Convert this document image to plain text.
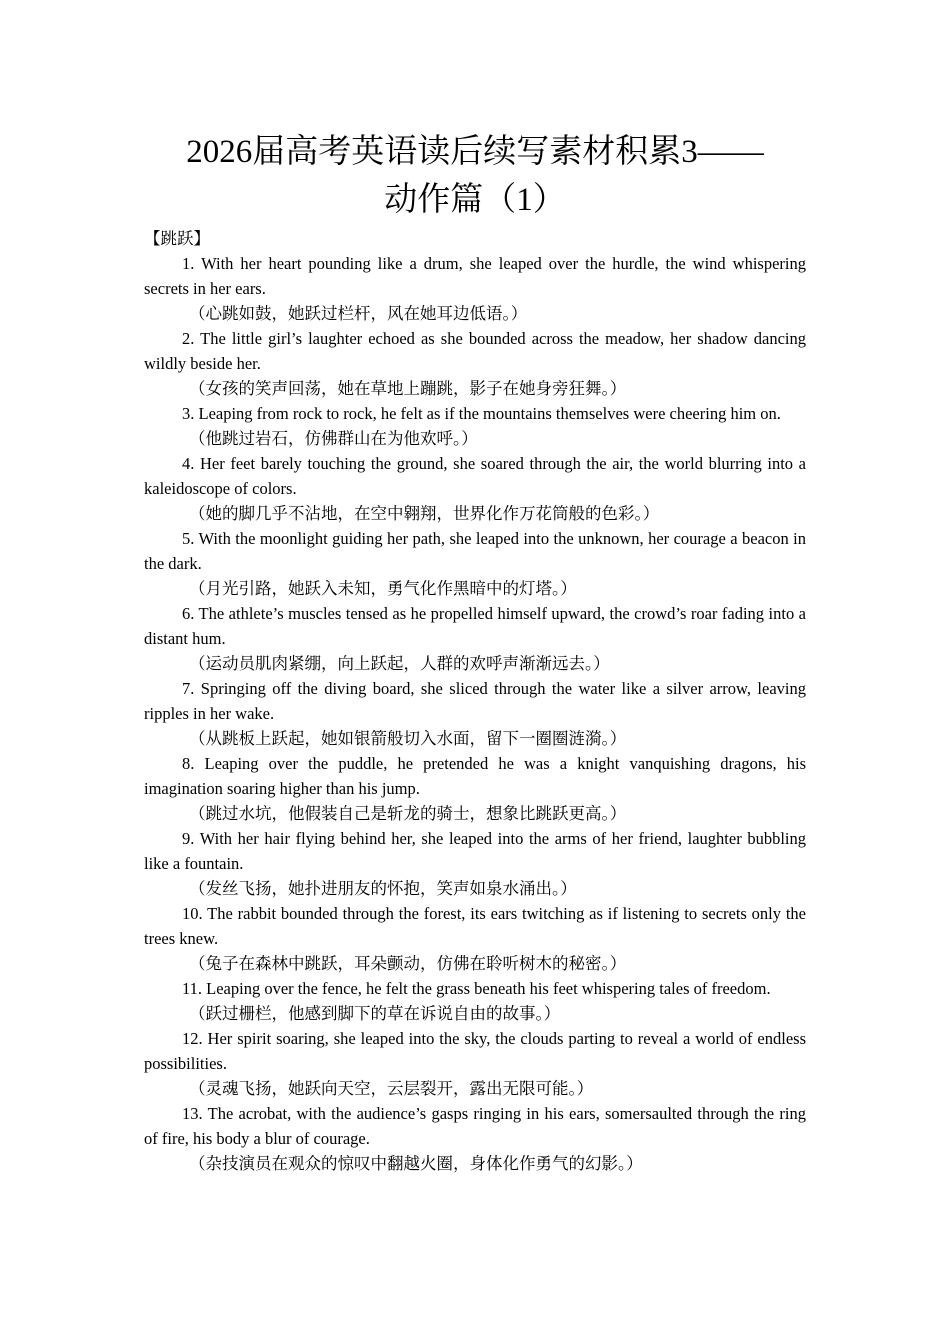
2026届高考英语读后续写素材积累3——
动作篇（1）

【跳跃】

1. With her heart pounding like a drum, she leaped over the hurdle, the wind whispering secrets in her ears.

（心跳如鼓，她跃过栏杆，风在她耳边低语。）

2. The little girl’s laughter echoed as she bounded across the meadow, her shadow dancing wildly beside her.

（女孩的笑声回荡，她在草地上蹦跳，影子在她身旁狂舞。）

3. Leaping from rock to rock, he felt as if the mountains themselves were cheering him on.

（他跳过岩石，仿佛群山在为他欢呼。）

4. Her feet barely touching the ground, she soared through the air, the world blurring into a kaleidoscope of colors.

（她的脚几乎不沾地，在空中翱翔，世界化作万花筒般的色彩。）

5. With the moonlight guiding her path, she leaped into the unknown, her courage a beacon in the dark.

（月光引路，她跃入未知，勇气化作黑暗中的灯塔。）

6. The athlete’s muscles tensed as he propelled himself upward, the crowd’s roar fading into a distant hum.

（运动员肌肉紧绷，向上跃起，人群的欢呼声渐渐远去。）

7. Springing off the diving board, she sliced through the water like a silver arrow, leaving ripples in her wake.

（从跳板上跃起，她如银箭般切入水面，留下一圈圈涟漪。）

8. Leaping over the puddle, he pretended he was a knight vanquishing dragons, his imagination soaring higher than his jump.

（跳过水坑，他假装自己是斩龙的骑士，想象比跳跃更高。）

9. With her hair flying behind her, she leaped into the arms of her friend, laughter bubbling like a fountain.

（发丝飞扬，她扑进朋友的怀抱，笑声如泉水涌出。）

10. The rabbit bounded through the forest, its ears twitching as if listening to secrets only the trees knew.

（兔子在森林中跳跃，耳朵颤动，仿佛在聆听树木的秘密。）

11. Leaping over the fence, he felt the grass beneath his feet whispering tales of freedom.

（跃过栅栏，他感到脚下的草在诉说自由的故事。）

12. Her spirit soaring, she leaped into the sky, the clouds parting to reveal a world of endless possibilities.

（灵魂飞扬，她跃向天空，云层裂开，露出无限可能。）

13. The acrobat, with the audience’s gasps ringing in his ears, somersaulted through the ring of fire, his body a blur of courage.

（杂技演员在观众的惊叹中翻越火圈，身体化作勇气的幻影。）
